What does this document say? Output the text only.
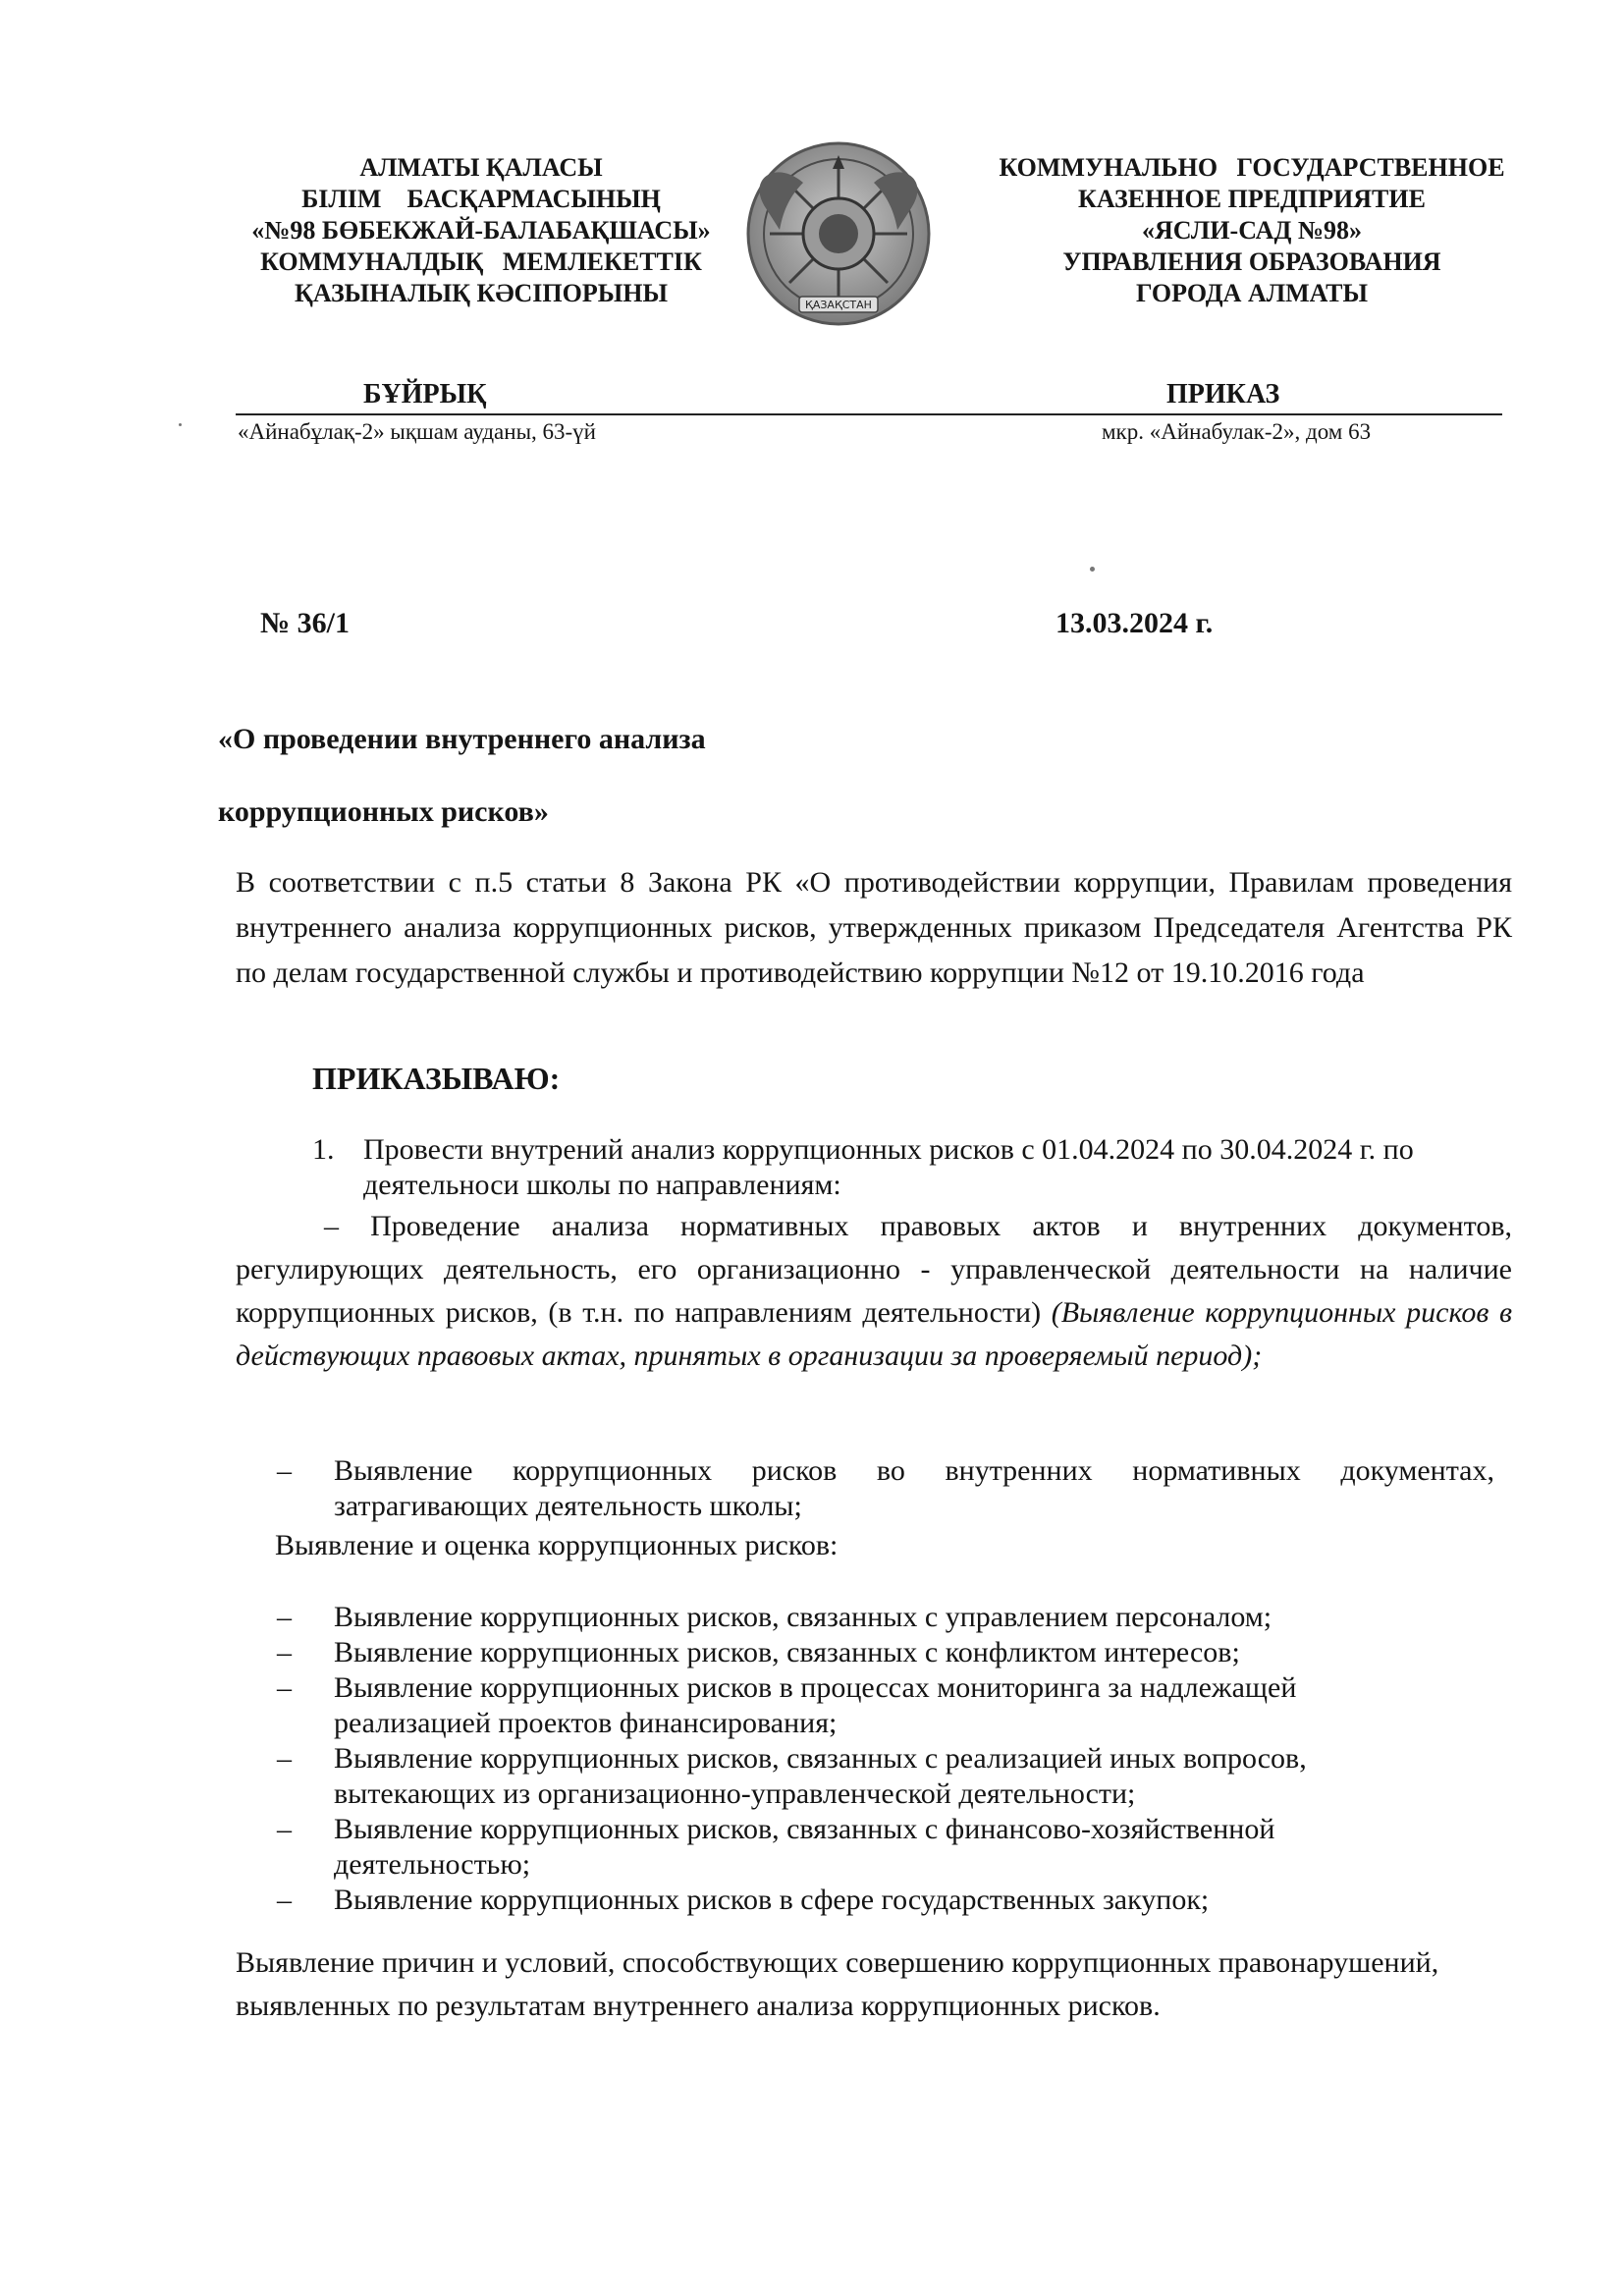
АЛМАТЫ ҚАЛАСЫ
БІЛІМ    БАСҚАРМАСЫНЫҢ
«№98 БӨБЕКЖАЙ-БАЛАБАҚШАСЫ»
КОММУНАЛДЫҚ   МЕМЛЕКЕТТІК
ҚАЗЫНАЛЫҚ КӘСІПОРЫНЫ	ҚАЗАҚСТАН
КОММУНАЛЬНО   ГОСУДАРСТВЕННОЕ
КАЗЕННОЕ ПРЕДПРИЯТИЕ
«ЯСЛИ-САД №98»
УПРАВЛЕНИЯ ОБРАЗОВАНИЯ
ГОРОДА АЛМАТЫ
БҰЙРЫҚ	ПРИКАЗ
«Айнабұлақ-2» ықшам ауданы, 63-үй	мкр. «Айнабулак-2», дом 63
№ 36/1	13.03.2024 г.
«О проведении внутреннего анализа
коррупционных рисков»
В соответствии с п.5 статьи 8 Закона РК «О противодействии коррупции, Правилам проведения внутреннего анализа коррупционных рисков, утвержденных приказом Председателя Агентства РК по делам государственной службы и противодействию коррупции №12 от 19.10.2016 года
ПРИКАЗЫВАЮ:
1. Провести внутрений анализ коррупционных рисков с 01.04.2024 по 30.04.2024 г. по деятельноси школы по направлениям:
– Проведение анализа нормативных правовых актов и внутренних документов, регулирующих деятельность, его организационно - управленческой деятельности на наличие коррупционных рисков, (в т.н. по направлениям деятельности) (Выявление коррупционных рисков в действующих правовых актах, принятых в организации за проверяемый период);
– Выявление коррупционных рисков во внутренних нормативных документах, затрагивающих деятельность школы;
Выявление и оценка коррупционных рисков:
– Выявление коррупционных рисков, связанных с управлением персоналом;
– Выявление коррупционных рисков, связанных с конфликтом интересов;
– Выявление коррупционных рисков в процессах мониторинга за надлежащей реализацией проектов финансирования;
– Выявление коррупционных рисков, связанных с реализацией иных вопросов, вытекающих из организационно-управленческой деятельности;
– Выявление коррупционных рисков, связанных с финансово-хозяйственной деятельностью;
– Выявление коррупционных рисков в сфере государственных закупок;
Выявление причин и условий, способствующих совершению коррупционных правонарушений, выявленных по результатам внутреннего анализа коррупционных рисков.
